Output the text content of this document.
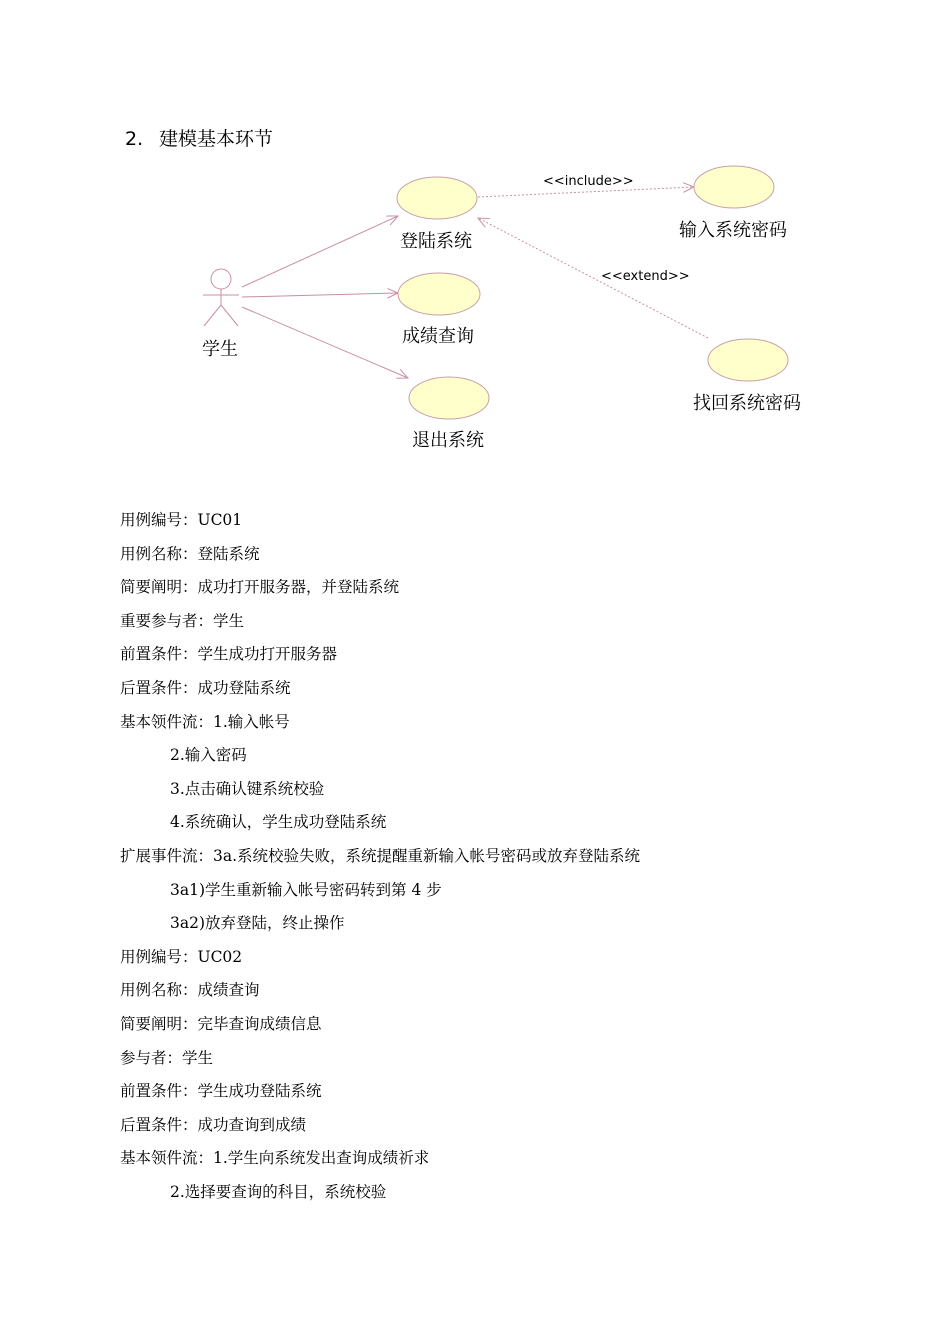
2. 建模基本环节
学生
登陆系统
成绩查询
退出系统
输入系统密码
找回系统密码
<<include>>
<<extend>>
用例编号：UC01
用例名称：登陆系统
简要阐明：成功打开服务器，并登陆系统
重要参与者：学生
前置条件：学生成功打开服务器
后置条件：成功登陆系统
基本领件流：1.输入帐号
2.输入密码
3.点击确认键系统校验
4.系统确认，学生成功登陆系统
扩展事件流：3a.系统校验失败，系统提醒重新输入帐号密码或放弃登陆系统
3a1)学生重新输入帐号密码转到第 4 步
3a2)放弃登陆，终止操作
用例编号：UC02
用例名称：成绩查询
简要阐明：完毕查询成绩信息
参与者：学生
前置条件：学生成功登陆系统
后置条件：成功查询到成绩
基本领件流：1.学生向系统发出查询成绩祈求
2.选择要查询的科目，系统校验
